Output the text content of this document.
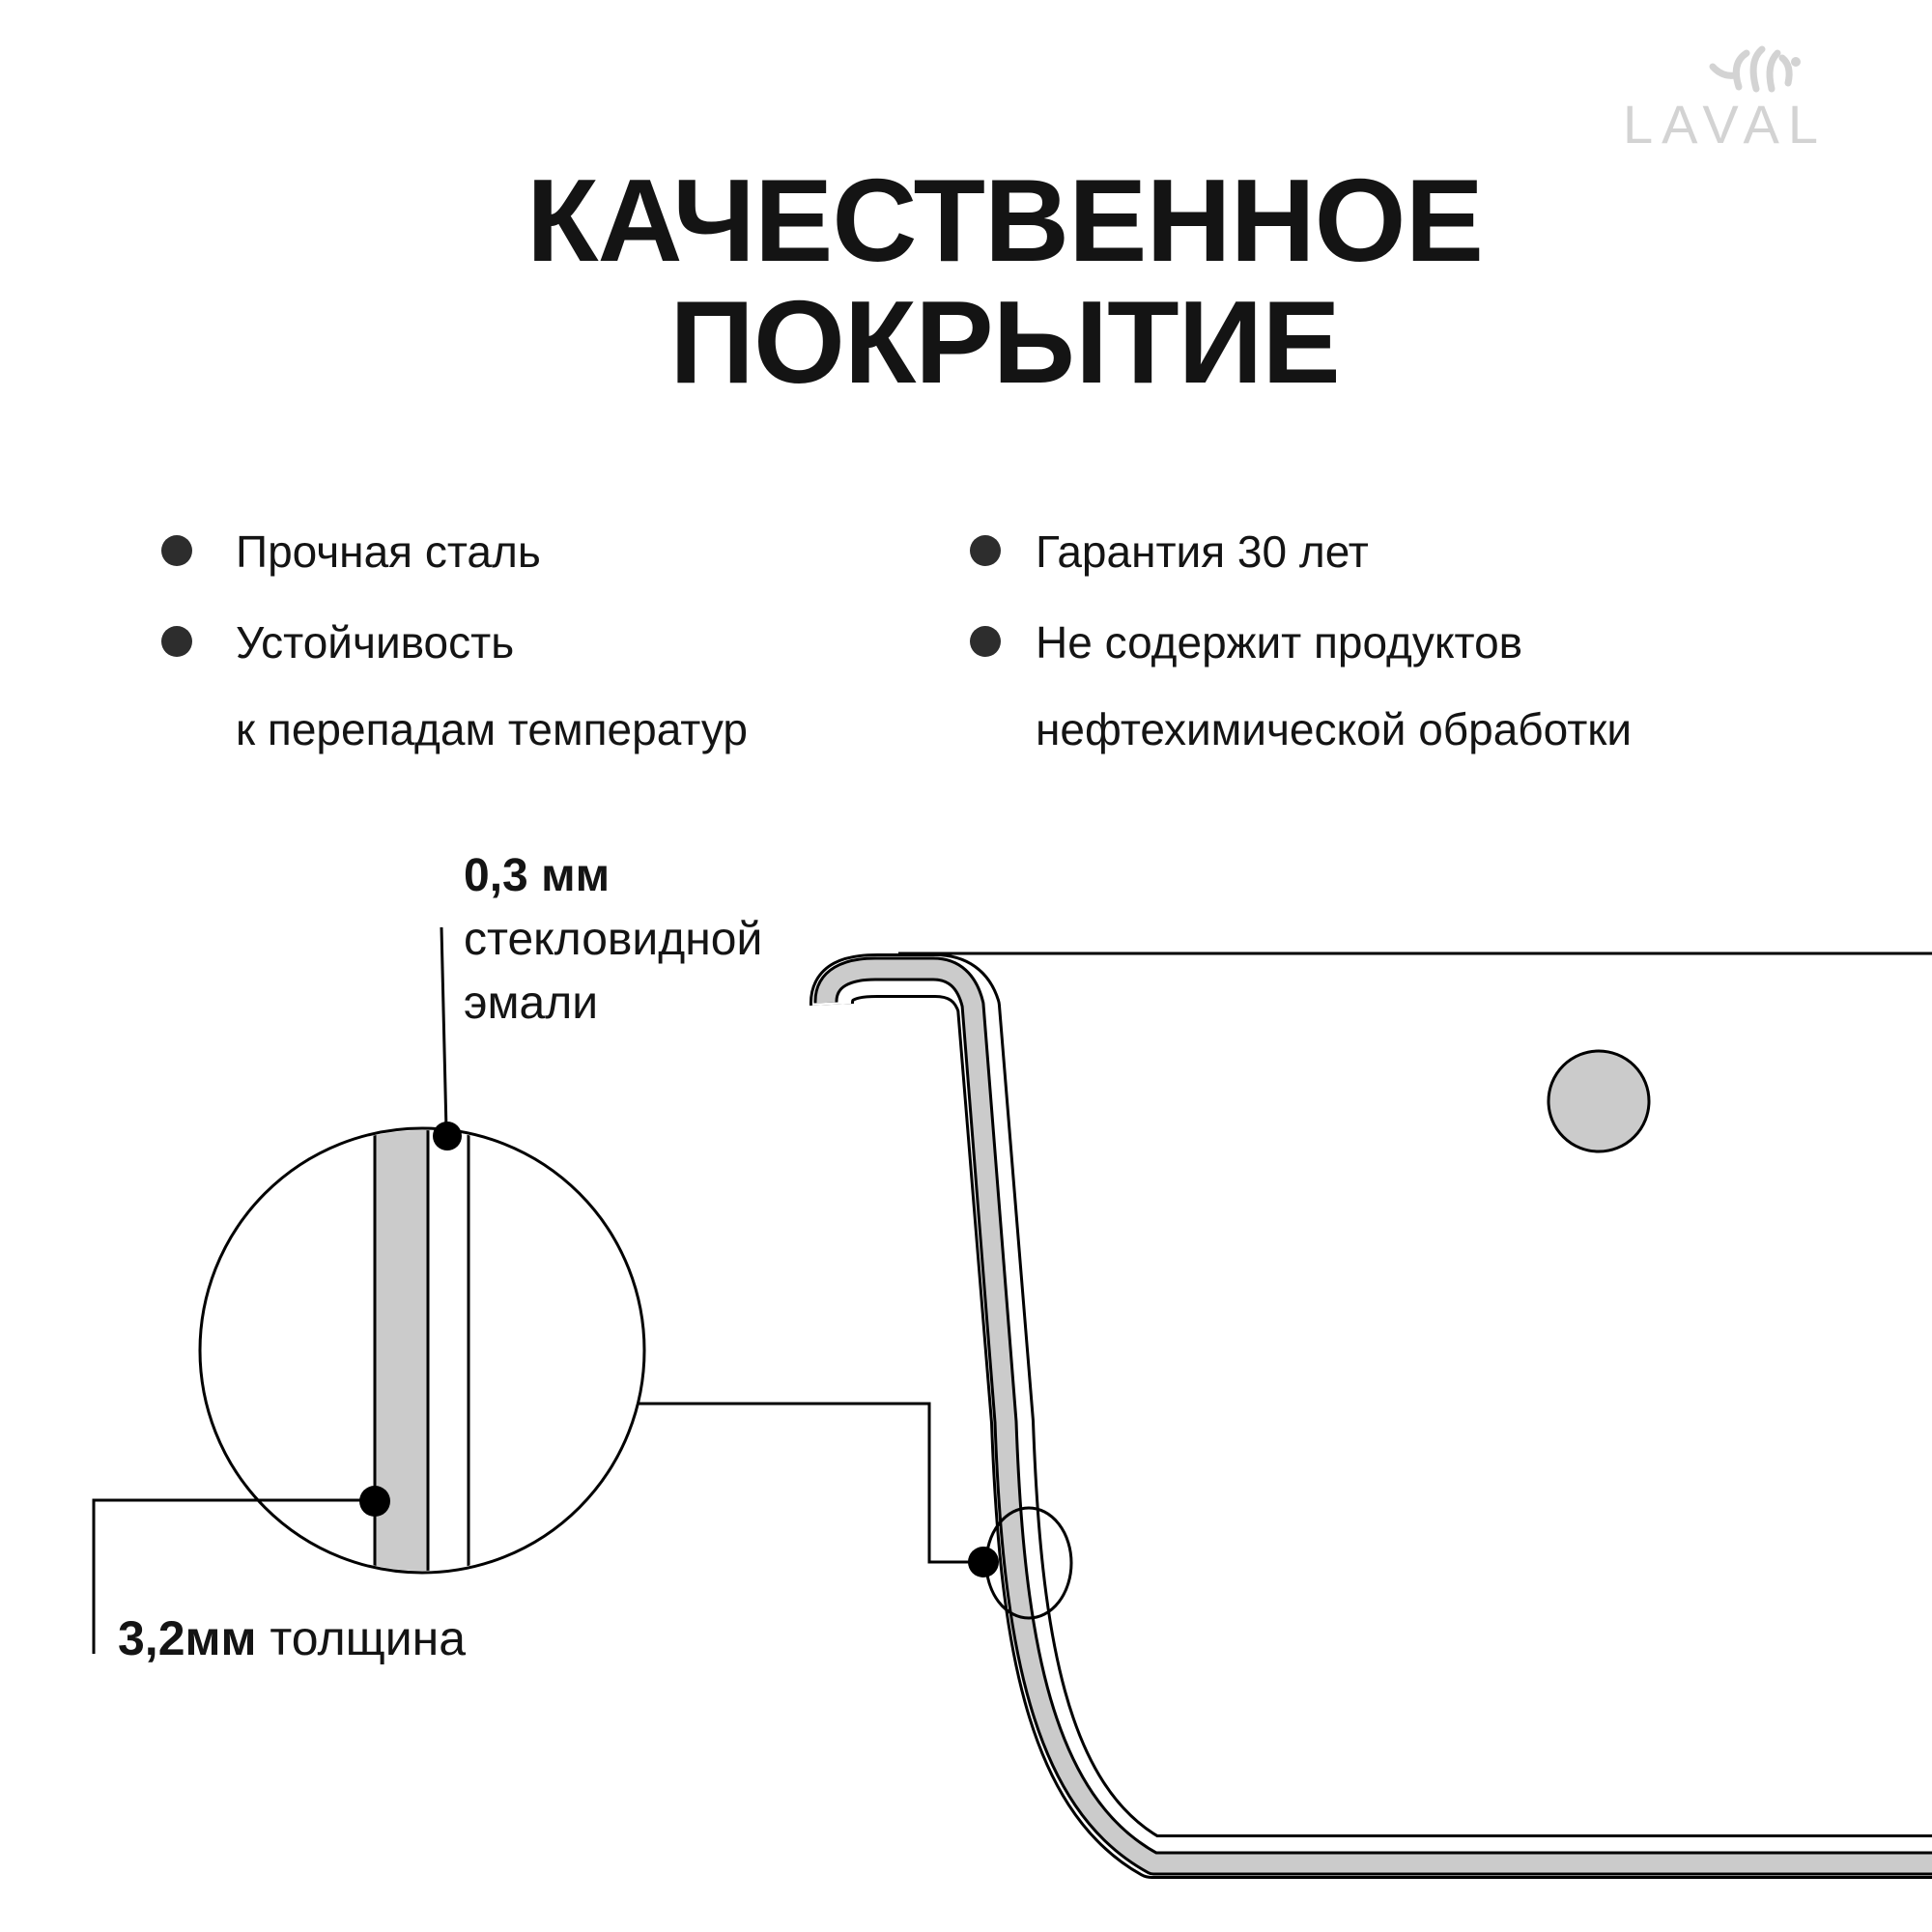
LAVAL
КАЧЕСТВЕННОЕ
ПОКРЫТИЕ
Прочная сталь
Устойчивость
к перепадам температур
Гарантия 30 лет
Не содержит продуктов
нефтехимической обработки
0,3 мм
стекловидной
эмали
3,2мм толщина
